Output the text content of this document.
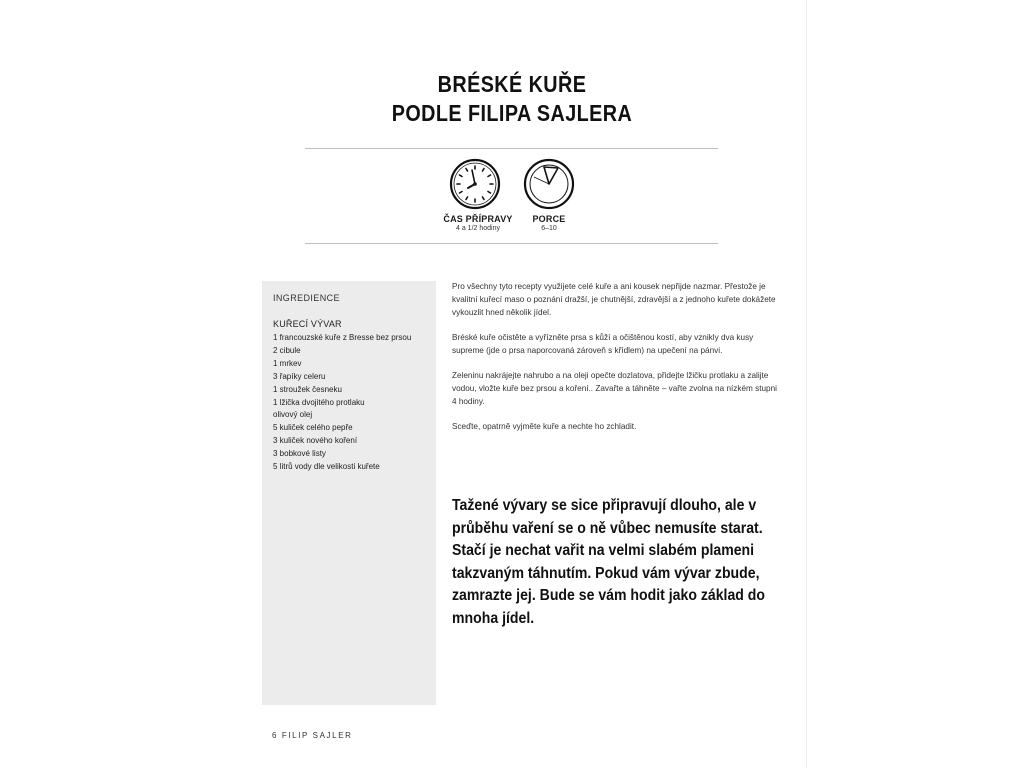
BRÉSKÉ KUŘE
PODLE FILIPA SAJLERA
ČAS PŘÍPRAVY
4 a 1/2 hodiny
PORCE
6–10
INGREDIENCE
KUŘECÍ VÝVAR
1 francouzské kuře z Bresse bez prsou
2 cibule
1 mrkev
3 řapíky celeru
1 stroužek česneku
1 lžička dvojitého protlaku
olivový olej
5 kuliček celého pepře
3 kuliček nového koření
3 bobkové listy
5 litrů vody dle velikosti kuřete

Pro všechny tyto recepty využijete celé kuře a ani kousek nepřijde nazmar. Přestože je kvalitní kuřecí maso o poznání dražší, je chutnější, zdravější a z jednoho kuřete dokážete vykouzlit hned několik jídel.

Bréské kuře očistěte a vyřízněte prsa s kůží a očištěnou kostí, aby vznikly dva kusy supreme (jde o prsa naporcovaná zároveň s křídlem) na upečení na pánvi.

Zeleninu nakrájejte nahrubo a na oleji opečte dozlatova, přidejte lžičku protlaku a zalijte vodou, vložte kuře bez prsou a koření.. Zavařte a táhněte – vařte zvolna na nízkém stupni 4 hodiny.

Sceďte, opatrně vyjměte kuře a nechte ho zchladit.

Tažené vývary se sice připravují dlouho, ale v průběhu vaření se o ně vůbec nemusíte starat. Stačí je nechat vařit na velmi slabém plameni takzvaným táhnutím. Pokud vám vývar zbude, zamrazte jej. Bude se vám hodit jako základ do mnoha jídel.
6 FILIP SAJLER
